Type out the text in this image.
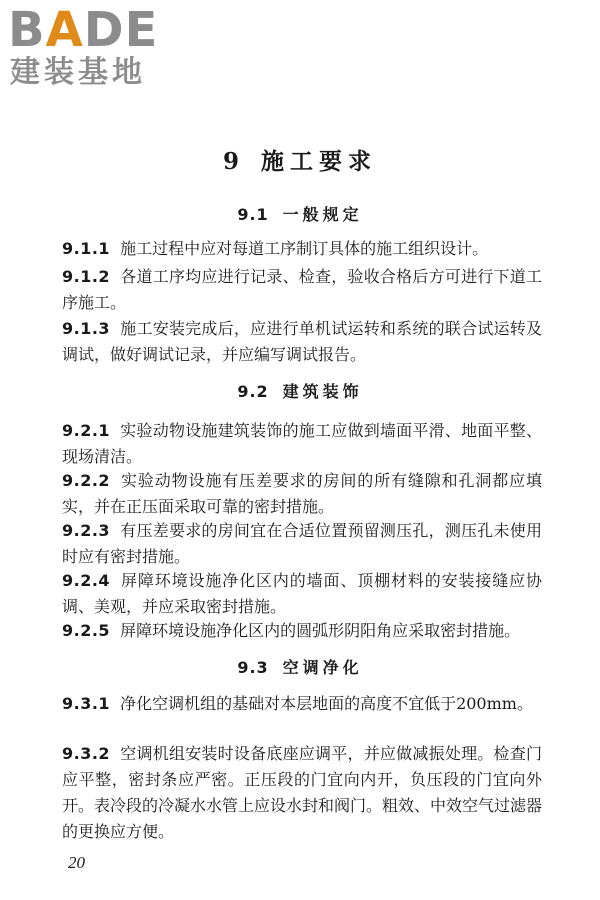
BADE
建装基地
9 施工要求
9.1 一般规定
9.1.1 施工过程中应对每道工序制订具体的施工组织设计。
9.1.2 各道工序均应进行记录、检查，验收合格后方可进行下道工序施工。
9.1.3 施工安装完成后，应进行单机试运转和系统的联合试运转及调试，做好调试记录，并应编写调试报告。
9.2 建筑装饰
9.2.1 实验动物设施建筑装饰的施工应做到墙面平滑、地面平整、现场清洁。
9.2.2 实验动物设施有压差要求的房间的所有缝隙和孔洞都应填实，并在正压面采取可靠的密封措施。
9.2.3 有压差要求的房间宜在合适位置预留测压孔，测压孔未使用时应有密封措施。
9.2.4 屏障环境设施净化区内的墙面、顶棚材料的安装接缝应协调、美观，并应采取密封措施。
9.2.5 屏障环境设施净化区内的圆弧形阴阳角应采取密封措施。
9.3 空调净化
9.3.1 净化空调机组的基础对本层地面的高度不宜低于200mm。
9.3.2 空调机组安装时设备底座应调平，并应做减振处理。检查门应平整，密封条应严密。正压段的门宜向内开，负压段的门宜向外开。表冷段的冷凝水水管上应设水封和阀门。粗效、中效空气过滤器的更换应方便。
20
